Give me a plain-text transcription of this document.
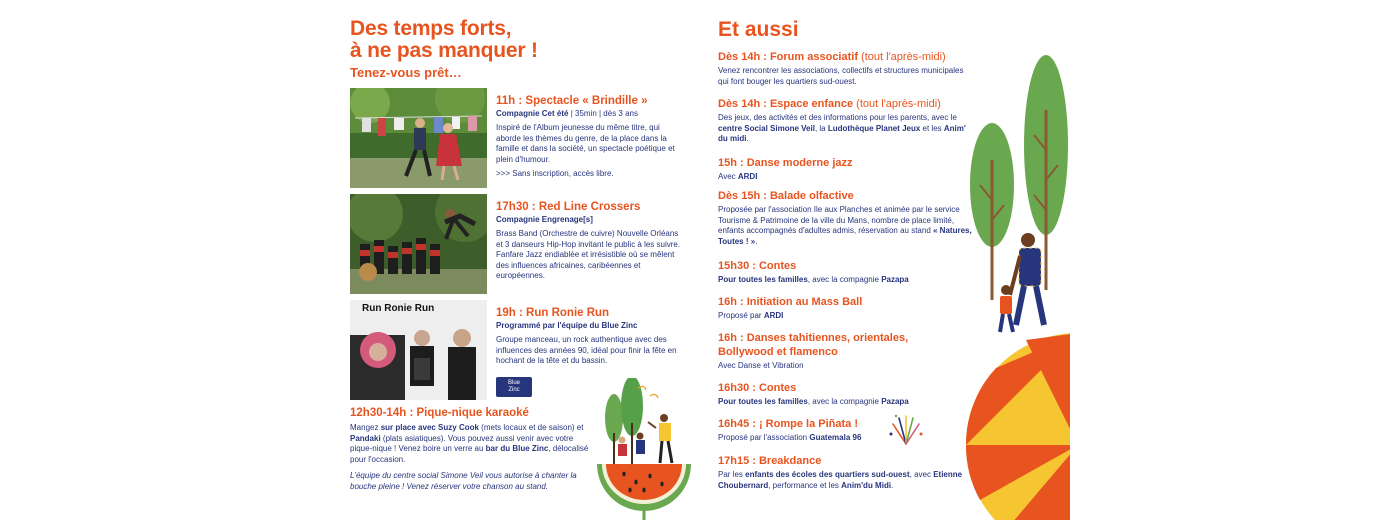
Des temps forts,
à ne pas manquer !
Tenez-vous prêt…
11h : Spectacle « Brindille »
Compagnie Cet été | 35min | dès 3 ans
Inspiré de l'Album jeunesse du même titre, qui aborde les thèmes du genre, de la place dans la famille et dans la société, un spectacle poétique et plein d'humour.
>>> Sans inscription, accès libre.
17h30 : Red Line Crossers
Compagnie Engrenage[s]
Brass Band (Orchestre de cuivre) Nouvelle Orléans et 3 danseurs Hip-Hop invitant le public à les suivre. Fanfare Jazz endiablée et irrésistible où se mêlent des influences africaines, caribéennes et européennes.
Run Ronie Run	19h : Run Ronie Run
Programmé par l'équipe du Blue Zinc
Groupe manceau, un rock authentique avec des influences des années 90, idéal pour finir la fête en hochant de la tête et du bassin.
Blue
Zinc
12h30-14h : Pique-nique karaoké
Mangez sur place avec Suzy Cook (mets locaux et de saison) et Pandaki (plats asiatiques). Vous pouvez aussi venir avec votre pique-nique ! Venez boire un verre au bar du Blue Zinc, délocalisé pour l'occasion.
L'équipe du centre social Simone Veil vous autorise à chanter la bouche pleine ! Venez réserver votre chanson au stand.
Et aussi
Dès 14h : Forum associatif (tout l'après-midi)
Venez rencontrer les associations, collectifs et structures municipales qui font bouger les quartiers sud-ouest.
Dès 14h : Espace enfance (tout l'après-midi)
Des jeux, des activités et des informations pour les parents, avec le centre Social Simone Veil, la Ludothèque Planet Jeux et les Anim' du midi.
15h : Danse moderne jazz
Avec ARDI
Dès 15h : Balade olfactive
Proposée par l'association Ile aux Planches et animée par le service Tourisme & Patrimoine de la ville du Mans, nombre de place limité, enfants accompagnés d'adultes admis, réservation au stand « Natures, Toutes ! ».
15h30 : Contes
Pour toutes les familles, avec la compagnie Pazapa
16h : Initiation au Mass Ball
Proposé par ARDI
16h : Danses tahitiennes, orientales,
Bollywood et flamenco
Avec Danse et Vibration
16h30 : Contes
Pour toutes les familles, avec la compagnie Pazapa
16h45 : ¡ Rompe la Piñata !
Proposé par l'association Guatemala 96
17h15 : Breakdance
Par les enfants des écoles des quartiers sud-ouest, avec Etienne Choubernard, performance et les Anim'du Midi.
